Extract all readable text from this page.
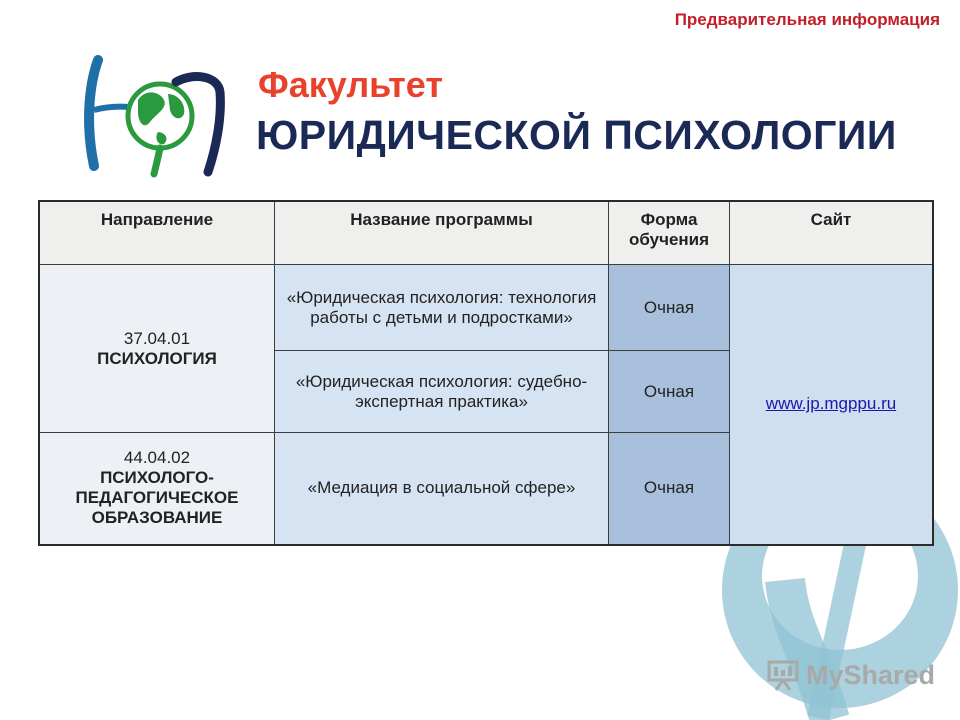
Предварительная информация
Факультет
ЮРИДИЧЕСКОЙ ПСИХОЛОГИИ
Направление	Название программы	Форма обучения	Сайт

37.04.01
ПСИХОЛОГИЯ	«Юридическая психология: технология работы с детьми и подростками»	Очная	www.jp.mgppu.ru
	«Юридическая психология: судебно-экспертная практика»	Очная	

44.04.02
ПСИХОЛОГО-ПЕДАГОГИЧЕСКОЕ ОБРАЗОВАНИЕ	«Медиация в социальной сфере»	Очная	
MyShared
